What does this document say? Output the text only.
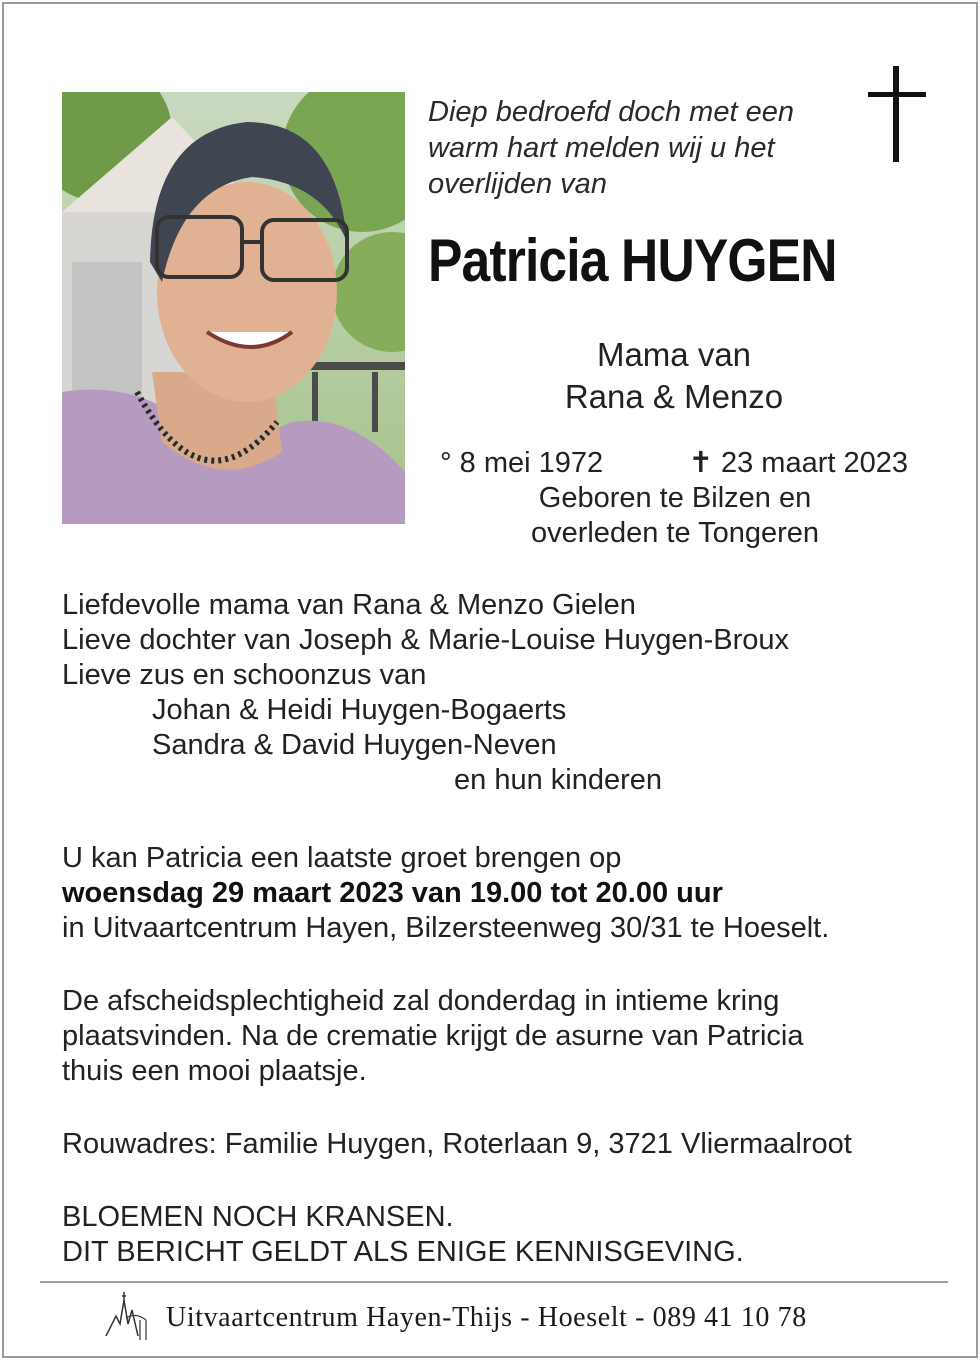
Diep bedroefd doch met een
warm hart melden wij u het
overlijden van
Patricia HUYGEN
Mama van
Rana & Menzo
° 8 mei 1972	✝ 23 maart 2023
Geboren te Bilzen en
overleden te Tongeren
Liefdevolle mama van Rana & Menzo Gielen
Lieve dochter van Joseph & Marie-Louise Huygen-Broux
Lieve zus en schoonzus van
Johan & Heidi Huygen-Bogaerts
Sandra & David Huygen-Neven
en hun kinderen
U kan Patricia een laatste groet brengen op
woensdag 29 maart 2023 van 19.00 tot 20.00 uur
in Uitvaartcentrum Hayen, Bilzersteenweg 30/31 te Hoeselt.
De afscheidsplechtigheid zal donderdag in intieme kring
plaatsvinden. Na de crematie krijgt de asurne van Patricia
thuis een mooi plaatsje.
Rouwadres: Familie Huygen, Roterlaan 9, 3721 Vliermaalroot
BLOEMEN NOCH KRANSEN.
DIT BERICHT GELDT ALS ENIGE KENNISGEVING.
Uitvaartcentrum Hayen-Thijs - Hoeselt - 089 41 10 78
